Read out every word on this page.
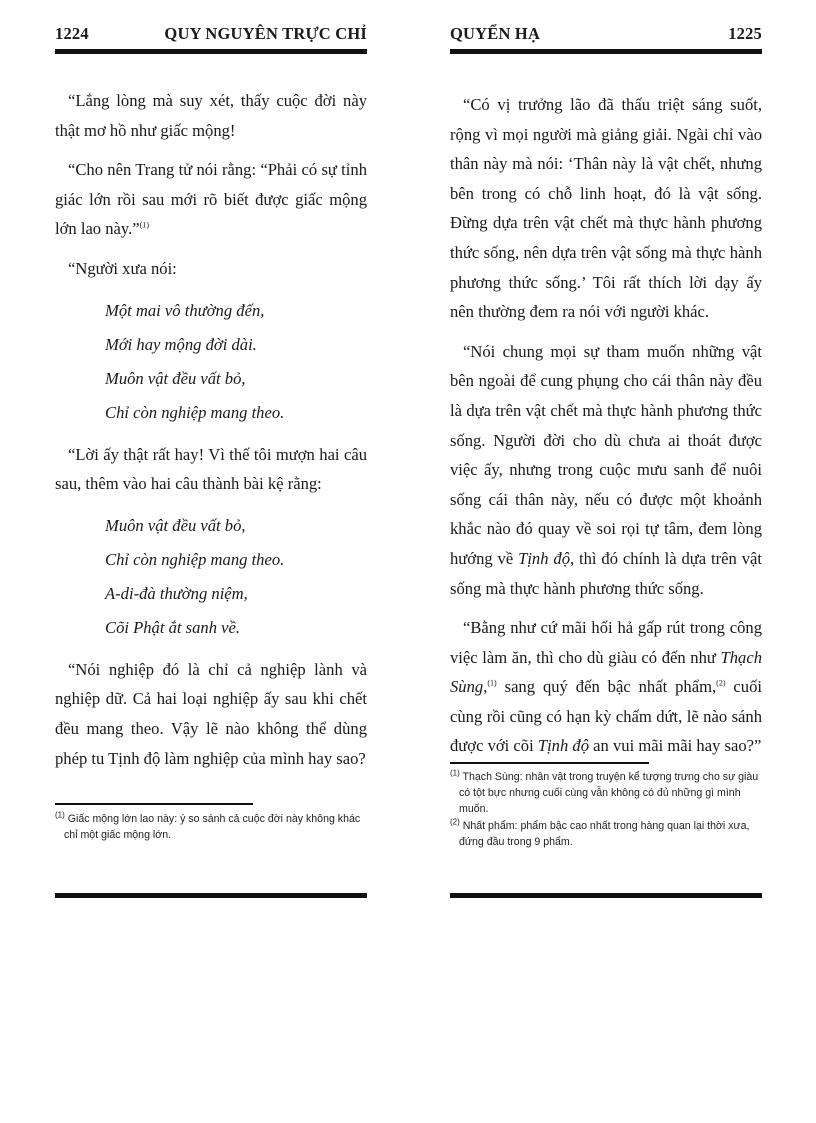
1224	QUY NGUYÊN TRỰC CHỈ

“Lắng lòng mà suy xét, thấy cuộc đời này thật mơ hồ như giấc mộng!

“Cho nên Trang tử nói rằng: “Phải có sự tỉnh giác lớn rồi sau mới rõ biết được giấc mộng lớn lao này.”$^{(1)}$

“Người xưa nói:

Một mai vô thường đến,
Mới hay mộng đời dài.
Muôn vật đều vất bỏ,
Chỉ còn nghiệp mang theo.

“Lời ấy thật rất hay! Vì thế tôi mượn hai câu sau, thêm vào hai câu thành bài kệ rằng:

Muôn vật đều vất bỏ,
Chỉ còn nghiệp mang theo.
A-di-đà thường niệm,
Cõi Phật ắt sanh về.

“Nói nghiệp đó là chỉ cả nghiệp lành và nghiệp dữ. Cả hai loại nghiệp ấy sau khi chết đều mang theo. Vậy lẽ nào không thể dùng phép tu Tịnh độ làm nghiệp của mình hay sao?

$^{(1)}$ Giấc mộng lớn lao này: ý so sánh cả cuộc đời này không khác chỉ một giấc mộng lớn.
QUYỂN HẠ	1225

“Có vị trưởng lão đã thấu triệt sáng suốt, rộng vì mọi người mà giảng giải. Ngài chỉ vào thân này mà nói: ‘Thân này là vật chết, nhưng bên trong có chỗ linh hoạt, đó là vật sống. Đừng dựa trên vật chết mà thực hành phương thức sống, nên dựa trên vật sống mà thực hành phương thức sống.’ Tôi rất thích lời dạy ấy nên thường đem ra nói với người khác.

“Nói chung mọi sự tham muốn những vật bên ngoài để cung phụng cho cái thân này đều là dựa trên vật chết mà thực hành phương thức sống. Người đời cho dù chưa ai thoát được việc ấy, nhưng trong cuộc mưu sanh để nuôi sống cái thân này, nếu có được một khoảnh khắc nào đó quay về soi rọi tự tâm, đem lòng hướng về Tịnh độ, thì đó chính là dựa trên vật sống mà thực hành phương thức sống.

“Bằng như cứ mãi hối hả gấp rút trong công việc làm ăn, thì cho dù giàu có đến như Thạch Sùng,$^{(1)}$ sang quý đến bậc nhất phẩm,$^{(2)}$ cuối cùng rồi cũng có hạn kỳ chấm dứt, lẽ nào sánh được với cõi Tịnh độ an vui mãi mãi hay sao?”

$^{(1)}$ Thạch Sùng: nhân vật trong truyện kể tượng trưng cho sự giàu có tột bực nhưng cuối cùng vẫn không có đủ những gì mình muốn.
$^{(2)}$ Nhất phẩm: phẩm bậc cao nhất trong hàng quan lại thời xưa, đứng đầu trong 9 phẩm.
